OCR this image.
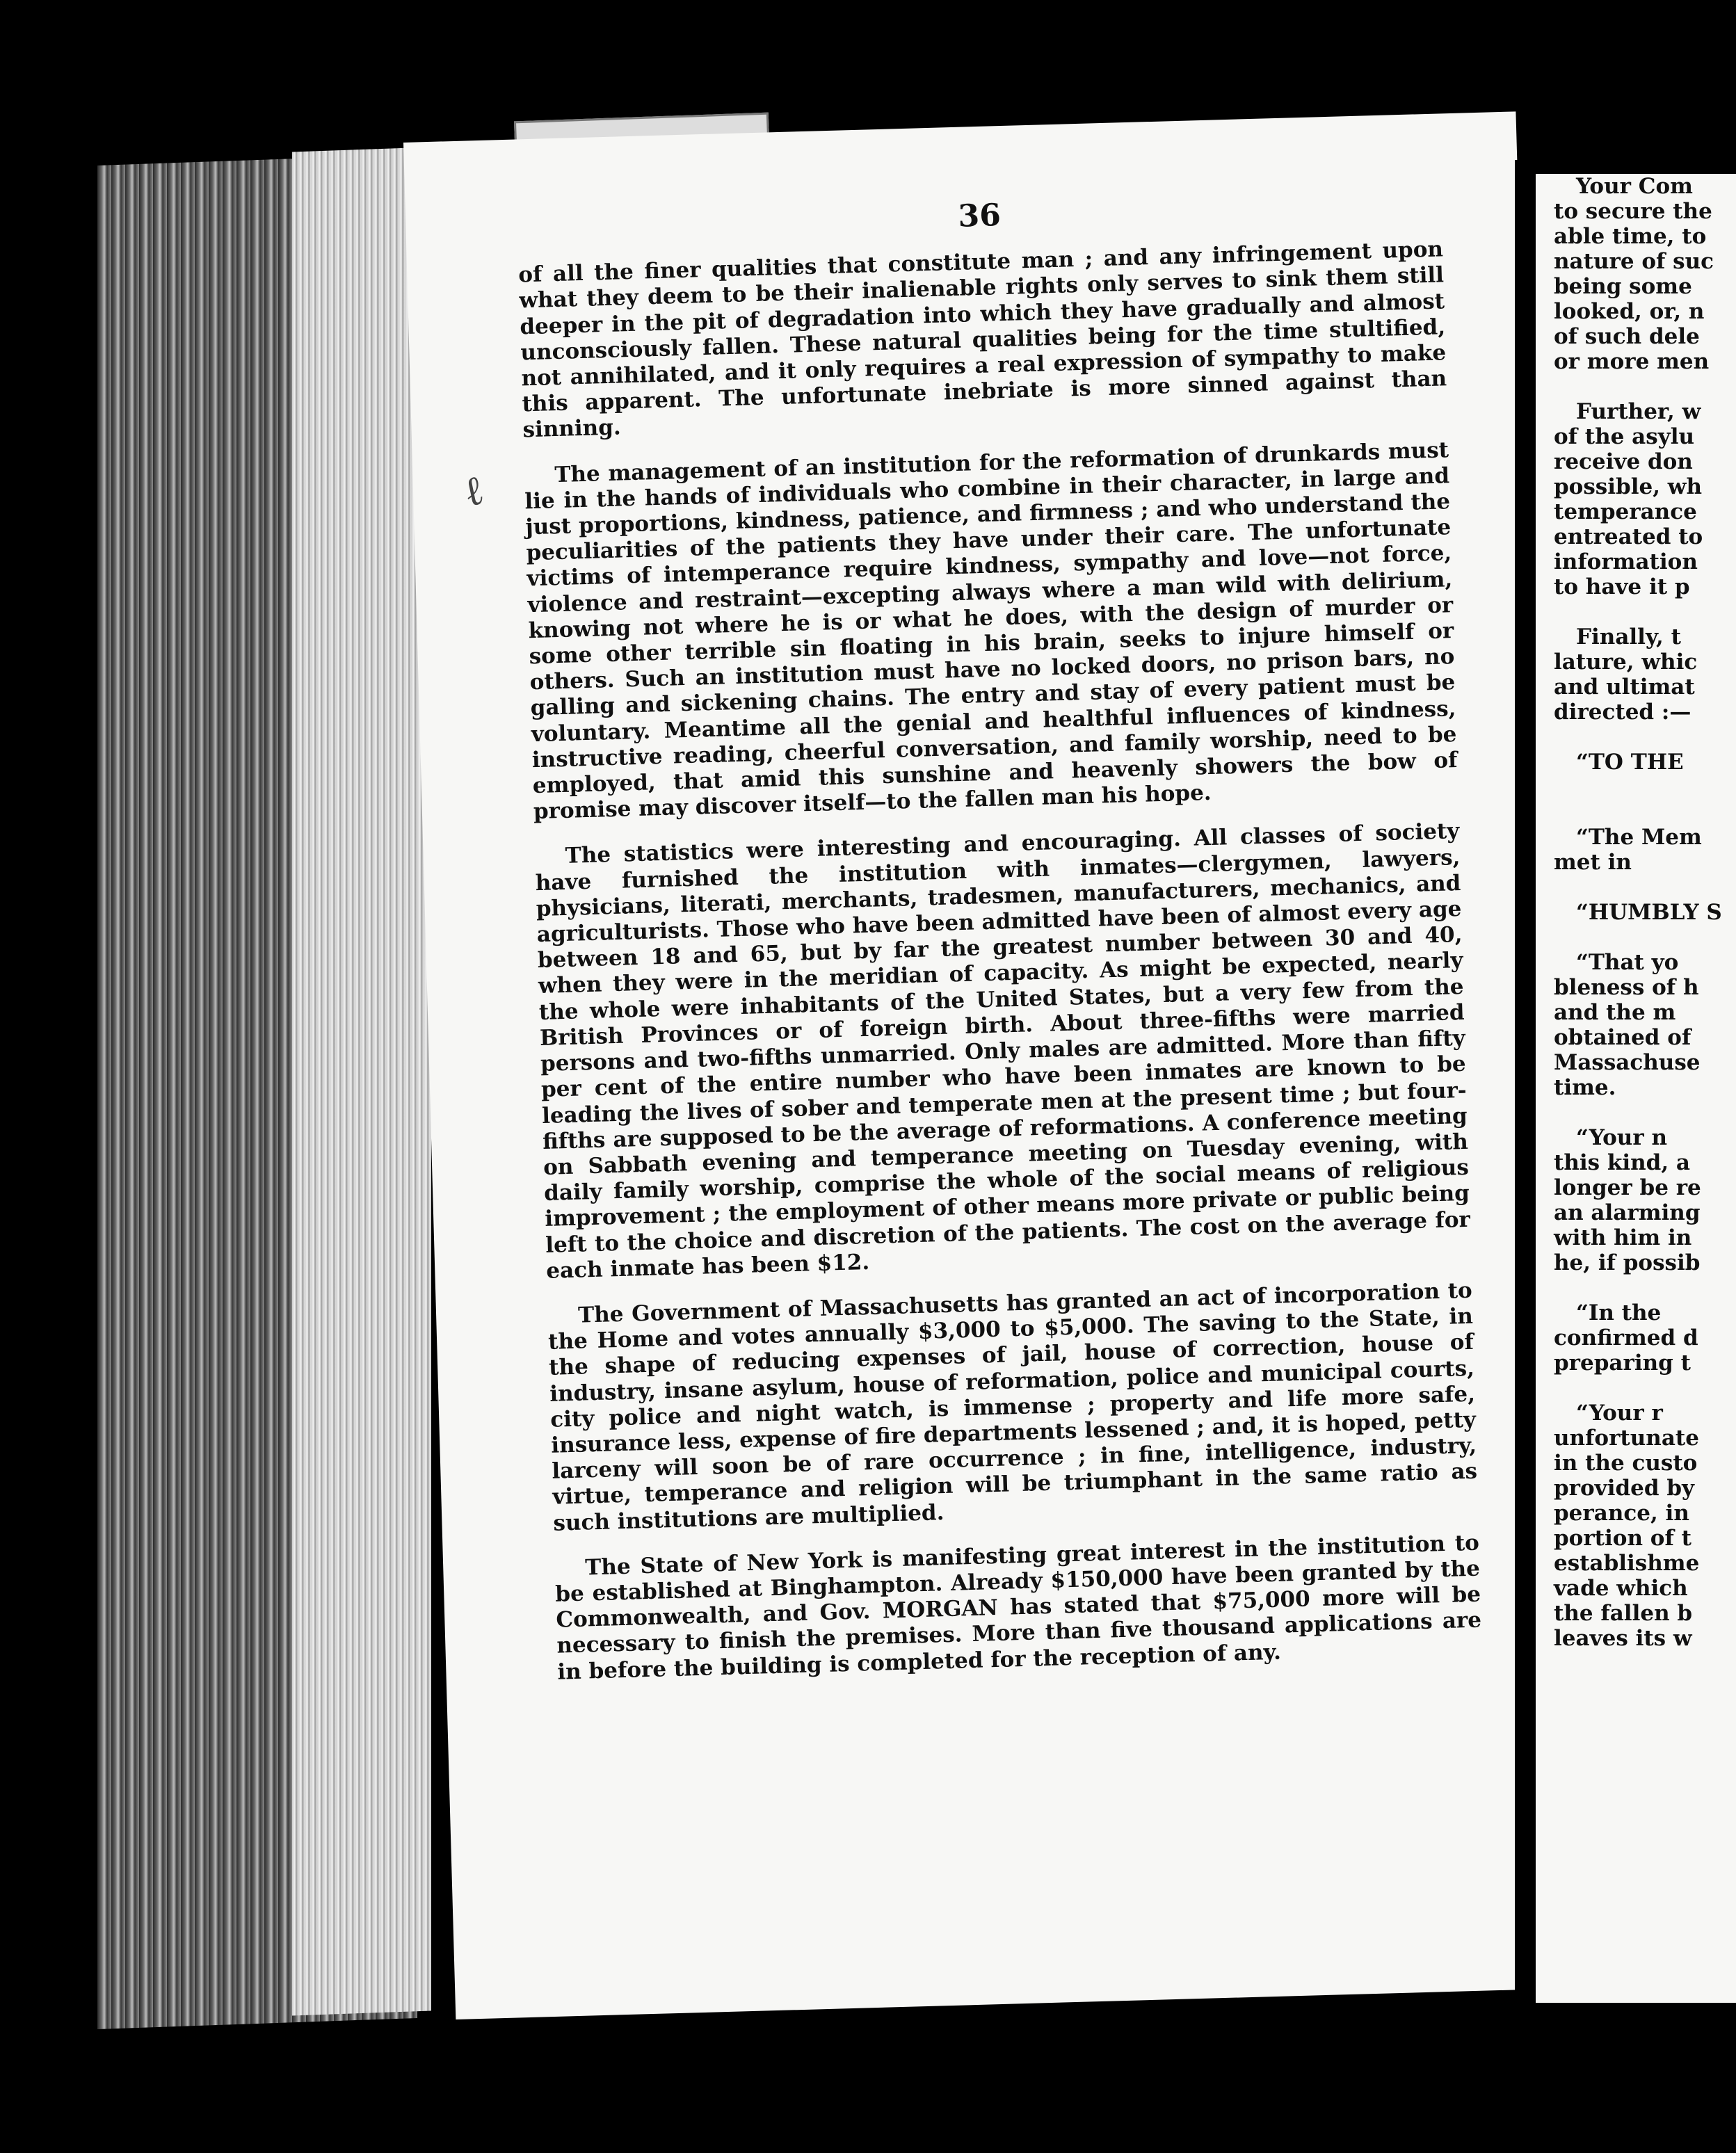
ℓ
36

of all the finer qualities that constitute man ; and any infringement upon what they deem to be their inalienable rights only serves to sink them still deeper in the pit of degradation into which they have gradually and almost unconsciously fallen. These natural qualities being for the time stultified, not annihilated, and it only requires a real expression of sympathy to make this apparent. The unfortunate inebriate is more sinned against than sinning.

The management of an institution for the reformation of drunkards must lie in the hands of individuals who combine in their character, in large and just proportions, kindness, patience, and firmness ; and who understand the peculiarities of the patients they have under their care. The unfortunate victims of intemperance require kindness, sympathy and love—not force, violence and restraint—excepting always where a man wild with delirium, knowing not where he is or what he does, with the design of murder or some other terrible sin floating in his brain, seeks to injure himself or others. Such an institution must have no locked doors, no prison bars, no galling and sickening chains. The entry and stay of every patient must be voluntary. Meantime all the genial and healthful influences of kindness, instructive reading, cheerful conversation, and family worship, need to be employed, that amid this sunshine and heavenly showers the bow of promise may discover itself—to the fallen man his hope.

The statistics were interesting and encouraging. All classes of society have furnished the institution with inmates—clergymen, lawyers, physicians, literati, merchants, tradesmen, manufacturers, mechanics, and agriculturists. Those who have been admitted have been of almost every age between 18 and 65, but by far the greatest number between 30 and 40, when they were in the meridian of capacity. As might be expected, nearly the whole were inhabitants of the United States, but a very few from the British Provinces or of foreign birth. About three-fifths were married persons and two-fifths unmarried. Only males are admitted. More than fifty per cent of the entire number who have been inmates are known to be leading the lives of sober and temperate men at the present time ; but four-fifths are supposed to be the average of reformations. A conference meeting on Sabbath evening and temperance meeting on Tuesday evening, with daily family worship, comprise the whole of the social means of religious improvement ; the employment of other means more private or public being left to the choice and discretion of the patients. The cost on the average for each inmate has been $12.

The Government of Massachusetts has granted an act of incorporation to the Home and votes annually $3,000 to $5,000. The saving to the State, in the shape of reducing expenses of jail, house of correction, house of industry, insane asylum, house of reformation, police and municipal courts, city police and night watch, is immense ; property and life more safe, insurance less, expense of fire departments lessened ; and, it is hoped, petty larceny will soon be of rare occurrence ; in fine, intelligence, industry, virtue, temperance and religion will be triumphant in the same ratio as such institutions are multiplied.

The State of New York is manifesting great interest in the institution to be established at Binghampton. Already $150,000 have been granted by the Commonwealth, and Gov. MORGAN has stated that $75,000 more will be necessary to finish the premises. More than five thousand applications are in before the building is completed for the reception of any.

Your Com
to secure the
able time, to
nature of suc
being some
looked, or, n
of such dele
or more men
Further, w
of the asylu
receive don
possible, wh
temperance
entreated to
information
to have it p
Finally, t
lature, whic
and ultimat
directed :—
“TO THE
“The Mem
met in
“HUMBLY S
“That yo
bleness of h
and the m
obtained of
Massachuse
time.
“Your n
this kind, a
longer be re
an alarming
with him in
he, if possib
“In the
confirmed d
preparing t
“Your r
unfortunate
in the custo
provided by
perance, in
portion of t
establishme
vade which
the fallen b
leaves its w
